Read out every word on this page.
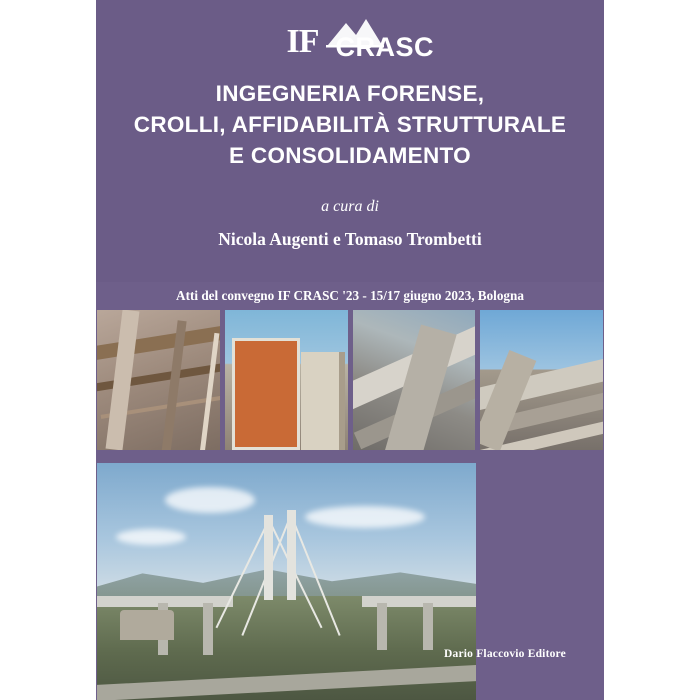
IF CRASC
INGEGNERIA FORENSE,
CROLLI, AFFIDABILITÀ STRUTTURALE
E CONSOLIDAMENTO
a cura di
Nicola Augenti e Tomaso Trombetti
Atti del convegno IF CRASC '23 - 15/17 giugno 2023, Bologna
Dario Flaccovio Editore
